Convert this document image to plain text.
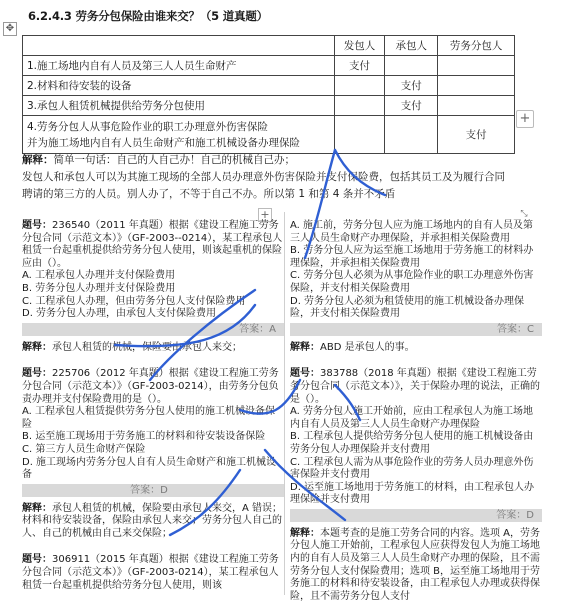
6.2.4.3 劳务分包保险由谁来交？（5 道真题）
✥
	发包人	承包人	劳务分包人
1.施工场地内自有人员及第三人人员生命财产	支付		
2.材料和待安装的设备		支付	
3.承包人租赁机械提供给劳务分包使用		支付	

4.劳务分包人从事危险作业的职工办理意外伤害保险
并为施工场地内自有人员生命财产和施工机械设备办理保险			支付
+
解释：简单一句话：自己的人自己办！自己的机械自己办；
发包人和承包人可以为其施工现场的全部人员办理意外伤害保险并支付保险费，包括其员工及为履行合同
聘请的第三方的人员。别人办了，不等于自己不办。所以第 1 和第 4 条并不矛盾
+	⤡
题号：236540（2011 年真题）根据《建设工程施工劳务分包合同（示范文本）》（GF-2003--0214），某工程承包人租赁一台起重机提供给劳务分包人使用，则该起重机的保险应由（）。
A. 工程承包人办理并支付保险费用
B. 劳务分包人办理并支付保险费用
C. 工程承包人办理，但由劳务分包人支付保险费用
D. 劳务分包人办理，由承包人支付保险费用
答案：A
解释：承包人租赁的机械，保险要由承包人来交；
题号：225706（2012 年真题）根据《建设工程施工劳务分包合同（示范文本）》（GF-2003-0214），由劳务分包负责办理并支付保险费用的是（）。
A. 工程承包人租赁提供劳务分包人使用的施工机械设备保险
B. 运至施工现场用于劳务施工的材料和待安装设备保险
C. 第三方人员生命财产保险
D. 施工现场内劳务分包人自有人员生命财产和施工机械设备
答案：D
解释：承包人租赁的机械，保险要由承包人来交，A 错误；材料和待安装设备，保险由承包人来交；劳务分包人自己的人、自己的机械由自己来交保险；
题号：306911（2015 年真题）根据《建设工程施工劳务分包合同（示范文本）》（GF-2003-0214），某工程承包人租赁一台起重机提供给劳务分包人使用，则该
A. 施工前，劳务分包人应为施工场地内的自有人员及第三人人员生命财产办理保险，并承担相关保险费用
B. 劳务分包人应为运至施工场地用于劳务施工的材料办理保险，并承担相关保险费用
C. 劳务分包人必须为从事危险作业的职工办理意外伤害保险，并支付相关保险费用
D. 劳务分包人必须为租赁使用的施工机械设备办理保险，并支付相关保险费用
答案：C
解释：ABD 是承包人的事。
题号：383788（2018 年真题）根据《建设工程施工劳务分包合同（示范文本）》，关于保险办理的说法，正确的是（）。
A. 劳务分包人施工开始前，应由工程承包人为施工场地内自有人员及第三人人员生命财产办理保险
B. 工程承包人提供给劳务分包人使用的施工机械设备由劳务分包人办理保险并支付费用
C. 工程承包人需为从事危险作业的劳务人员办理意外伤害保险并支付费用
D. 运至施工场地用于劳务施工的材料，由工程承包人办理保险并支付费用
答案：D
解释：本题考查的是施工劳务合同的内容。选项 A，劳务分包人施工开始前，工程承包人应获得发包人为施工场地内的自有人员及第三人人员生命财产办理的保险，且不需劳务分包人支付保险费用；选项 B，运至施工场地用于劳务施工的材料和待安装设备，由工程承包人办理或获得保险，且不需劳务分包人支付
